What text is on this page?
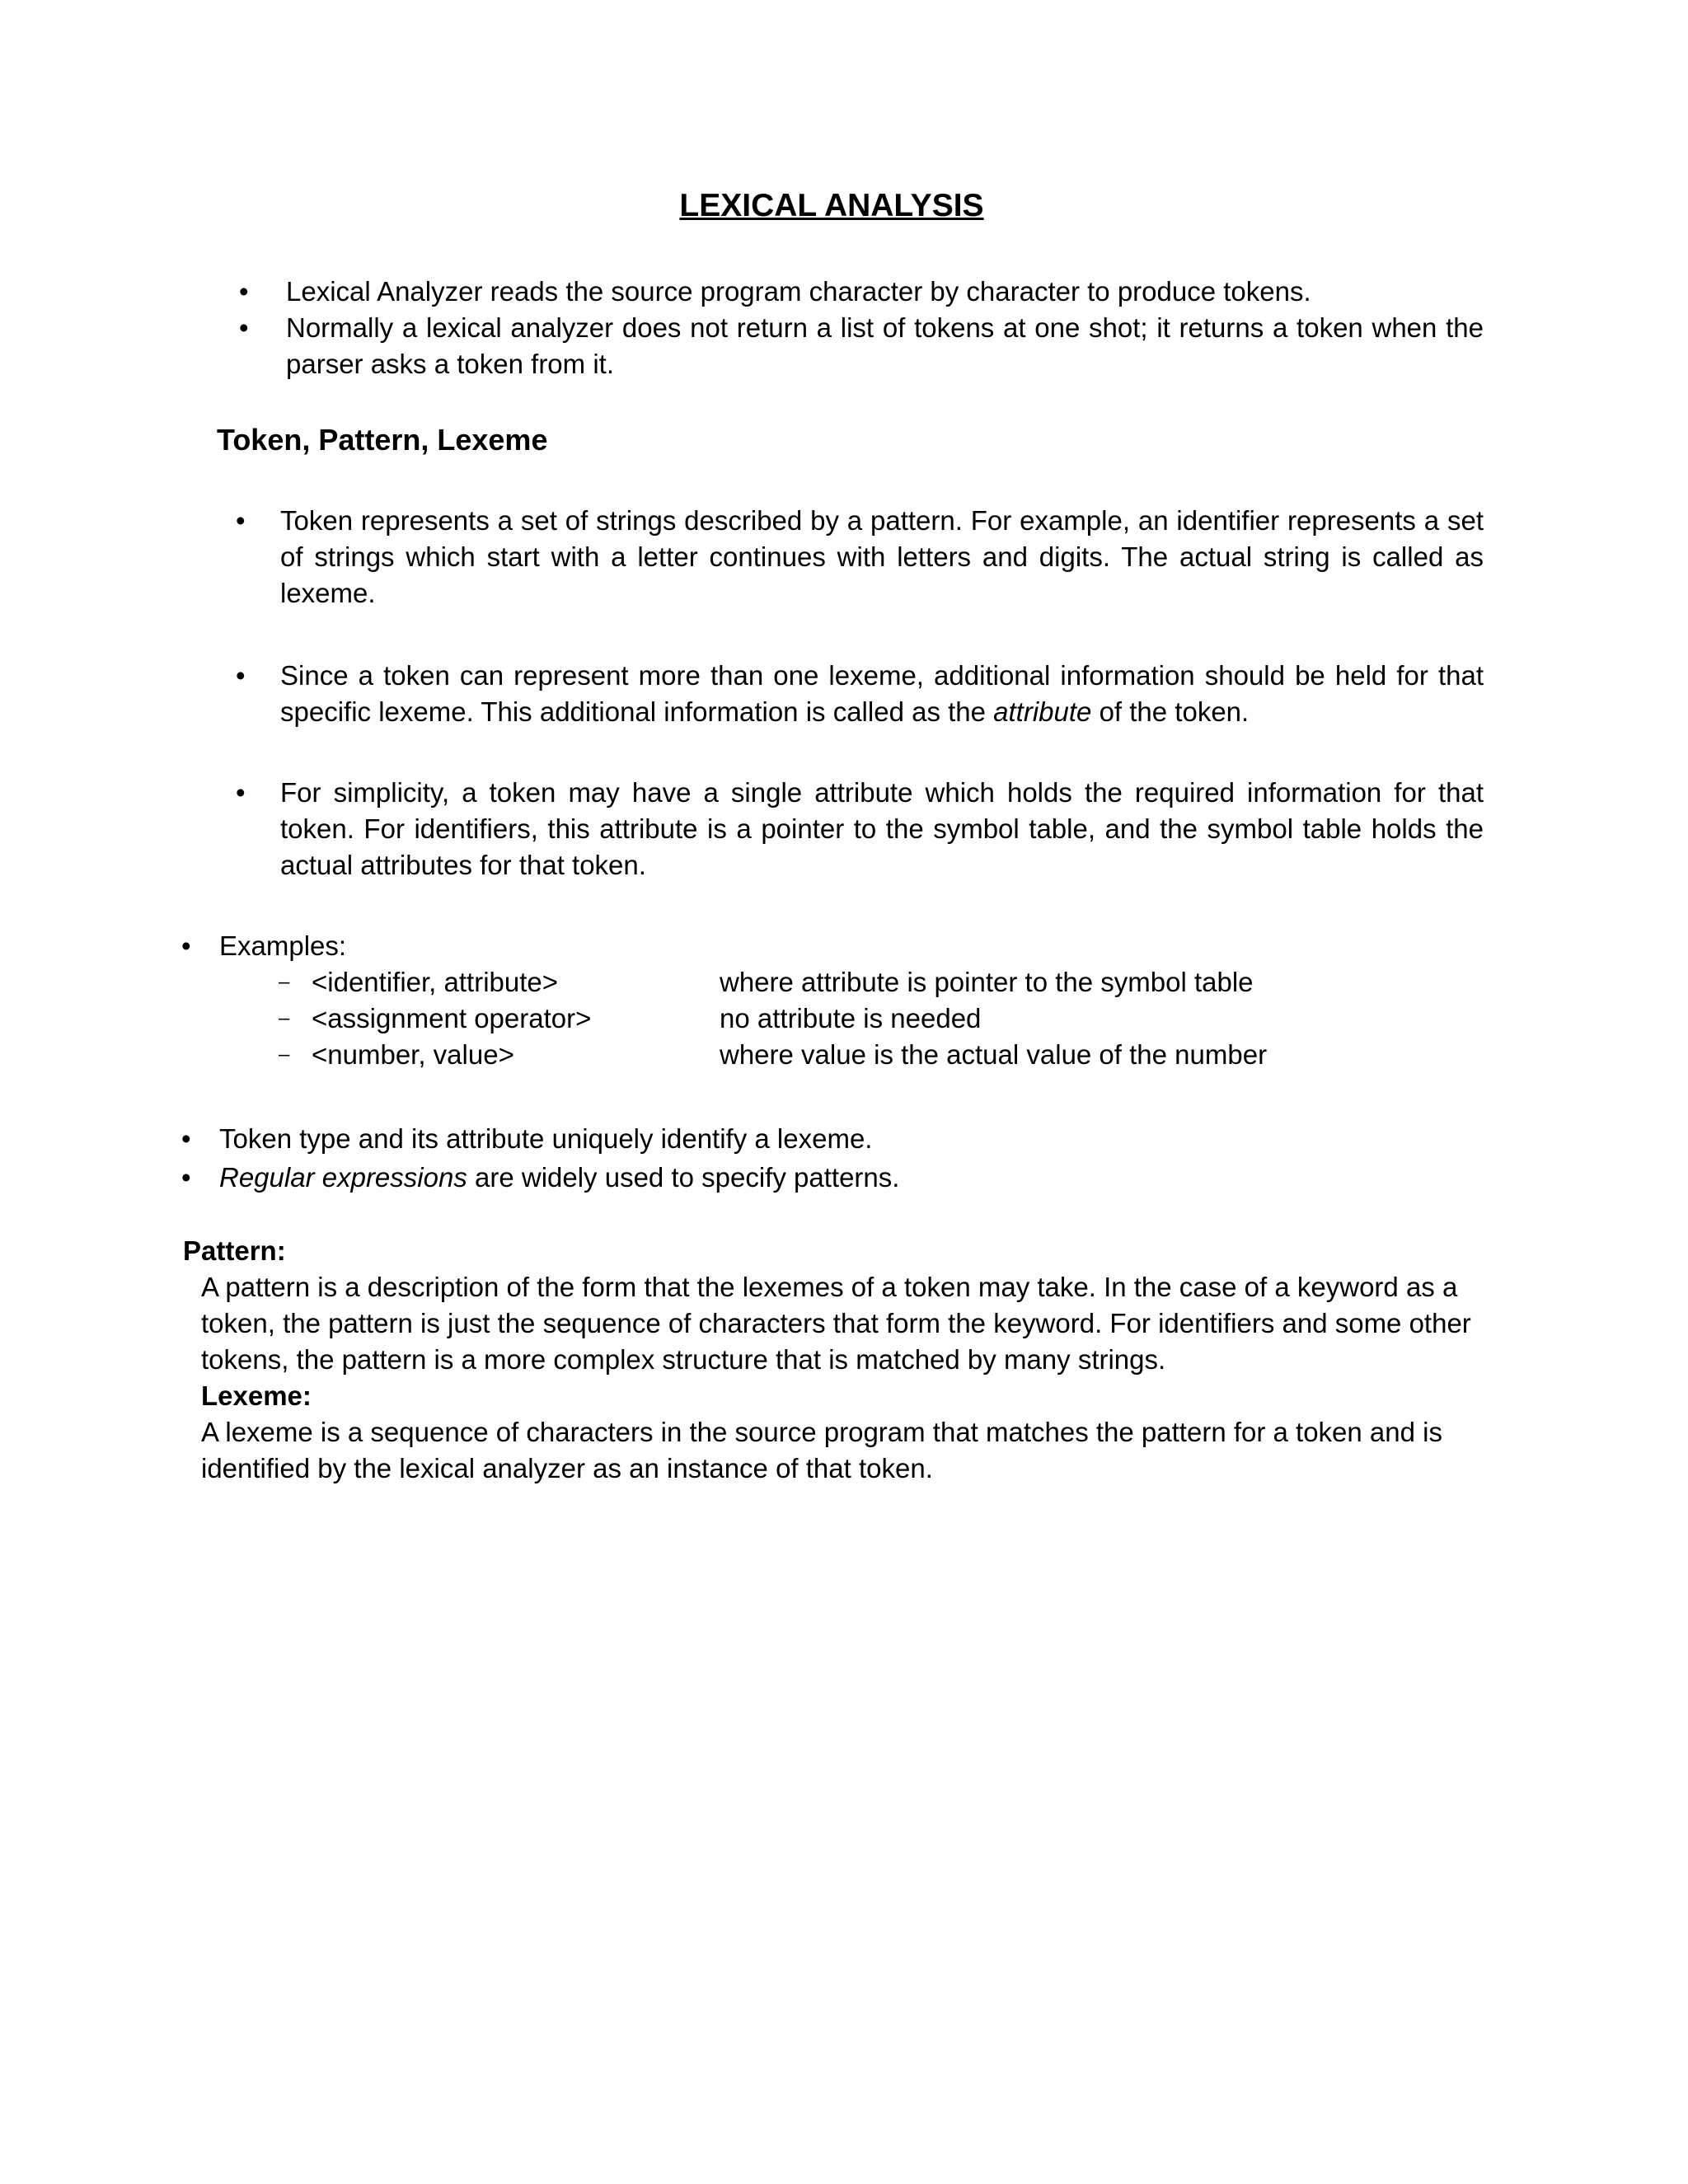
LEXICAL ANALYSIS
• Lexical Analyzer reads the source program character by character to produce tokens.
• Normally a lexical analyzer does not return a list of tokens at one shot; it returns a token when the parser asks a token from it.
Token, Pattern, Lexeme
• Token represents a set of strings described by a pattern. For example, an identifier represents a set of strings which start with a letter continues with letters and digits. The actual string is called as lexeme.
• Since a token can represent more than one lexeme, additional information should be held for that specific lexeme. This additional information is called as the attribute of the token.
• For simplicity, a token may have a single attribute which holds the required information for that token. For identifiers, this attribute is a pointer to the symbol table, and the symbol table holds the actual attributes for that token.
• Examples:
– <identifier, attribute>	where attribute is pointer to the symbol table
– <assignment operator>	no attribute is needed
– <number, value>	where value is the actual value of the number
• Token type and its attribute uniquely identify a lexeme.
• Regular expressions are widely used to specify patterns.
Pattern:
A pattern is a description of the form that the lexemes of a token may take. In the case of a keyword as a token, the pattern is just the sequence of characters that form the keyword. For identifiers and some other tokens, the pattern is a more complex structure that is matched by many strings.
Lexeme:
A lexeme is a sequence of characters in the source program that matches the pattern for a token and is identified by the lexical analyzer as an instance of that token.
